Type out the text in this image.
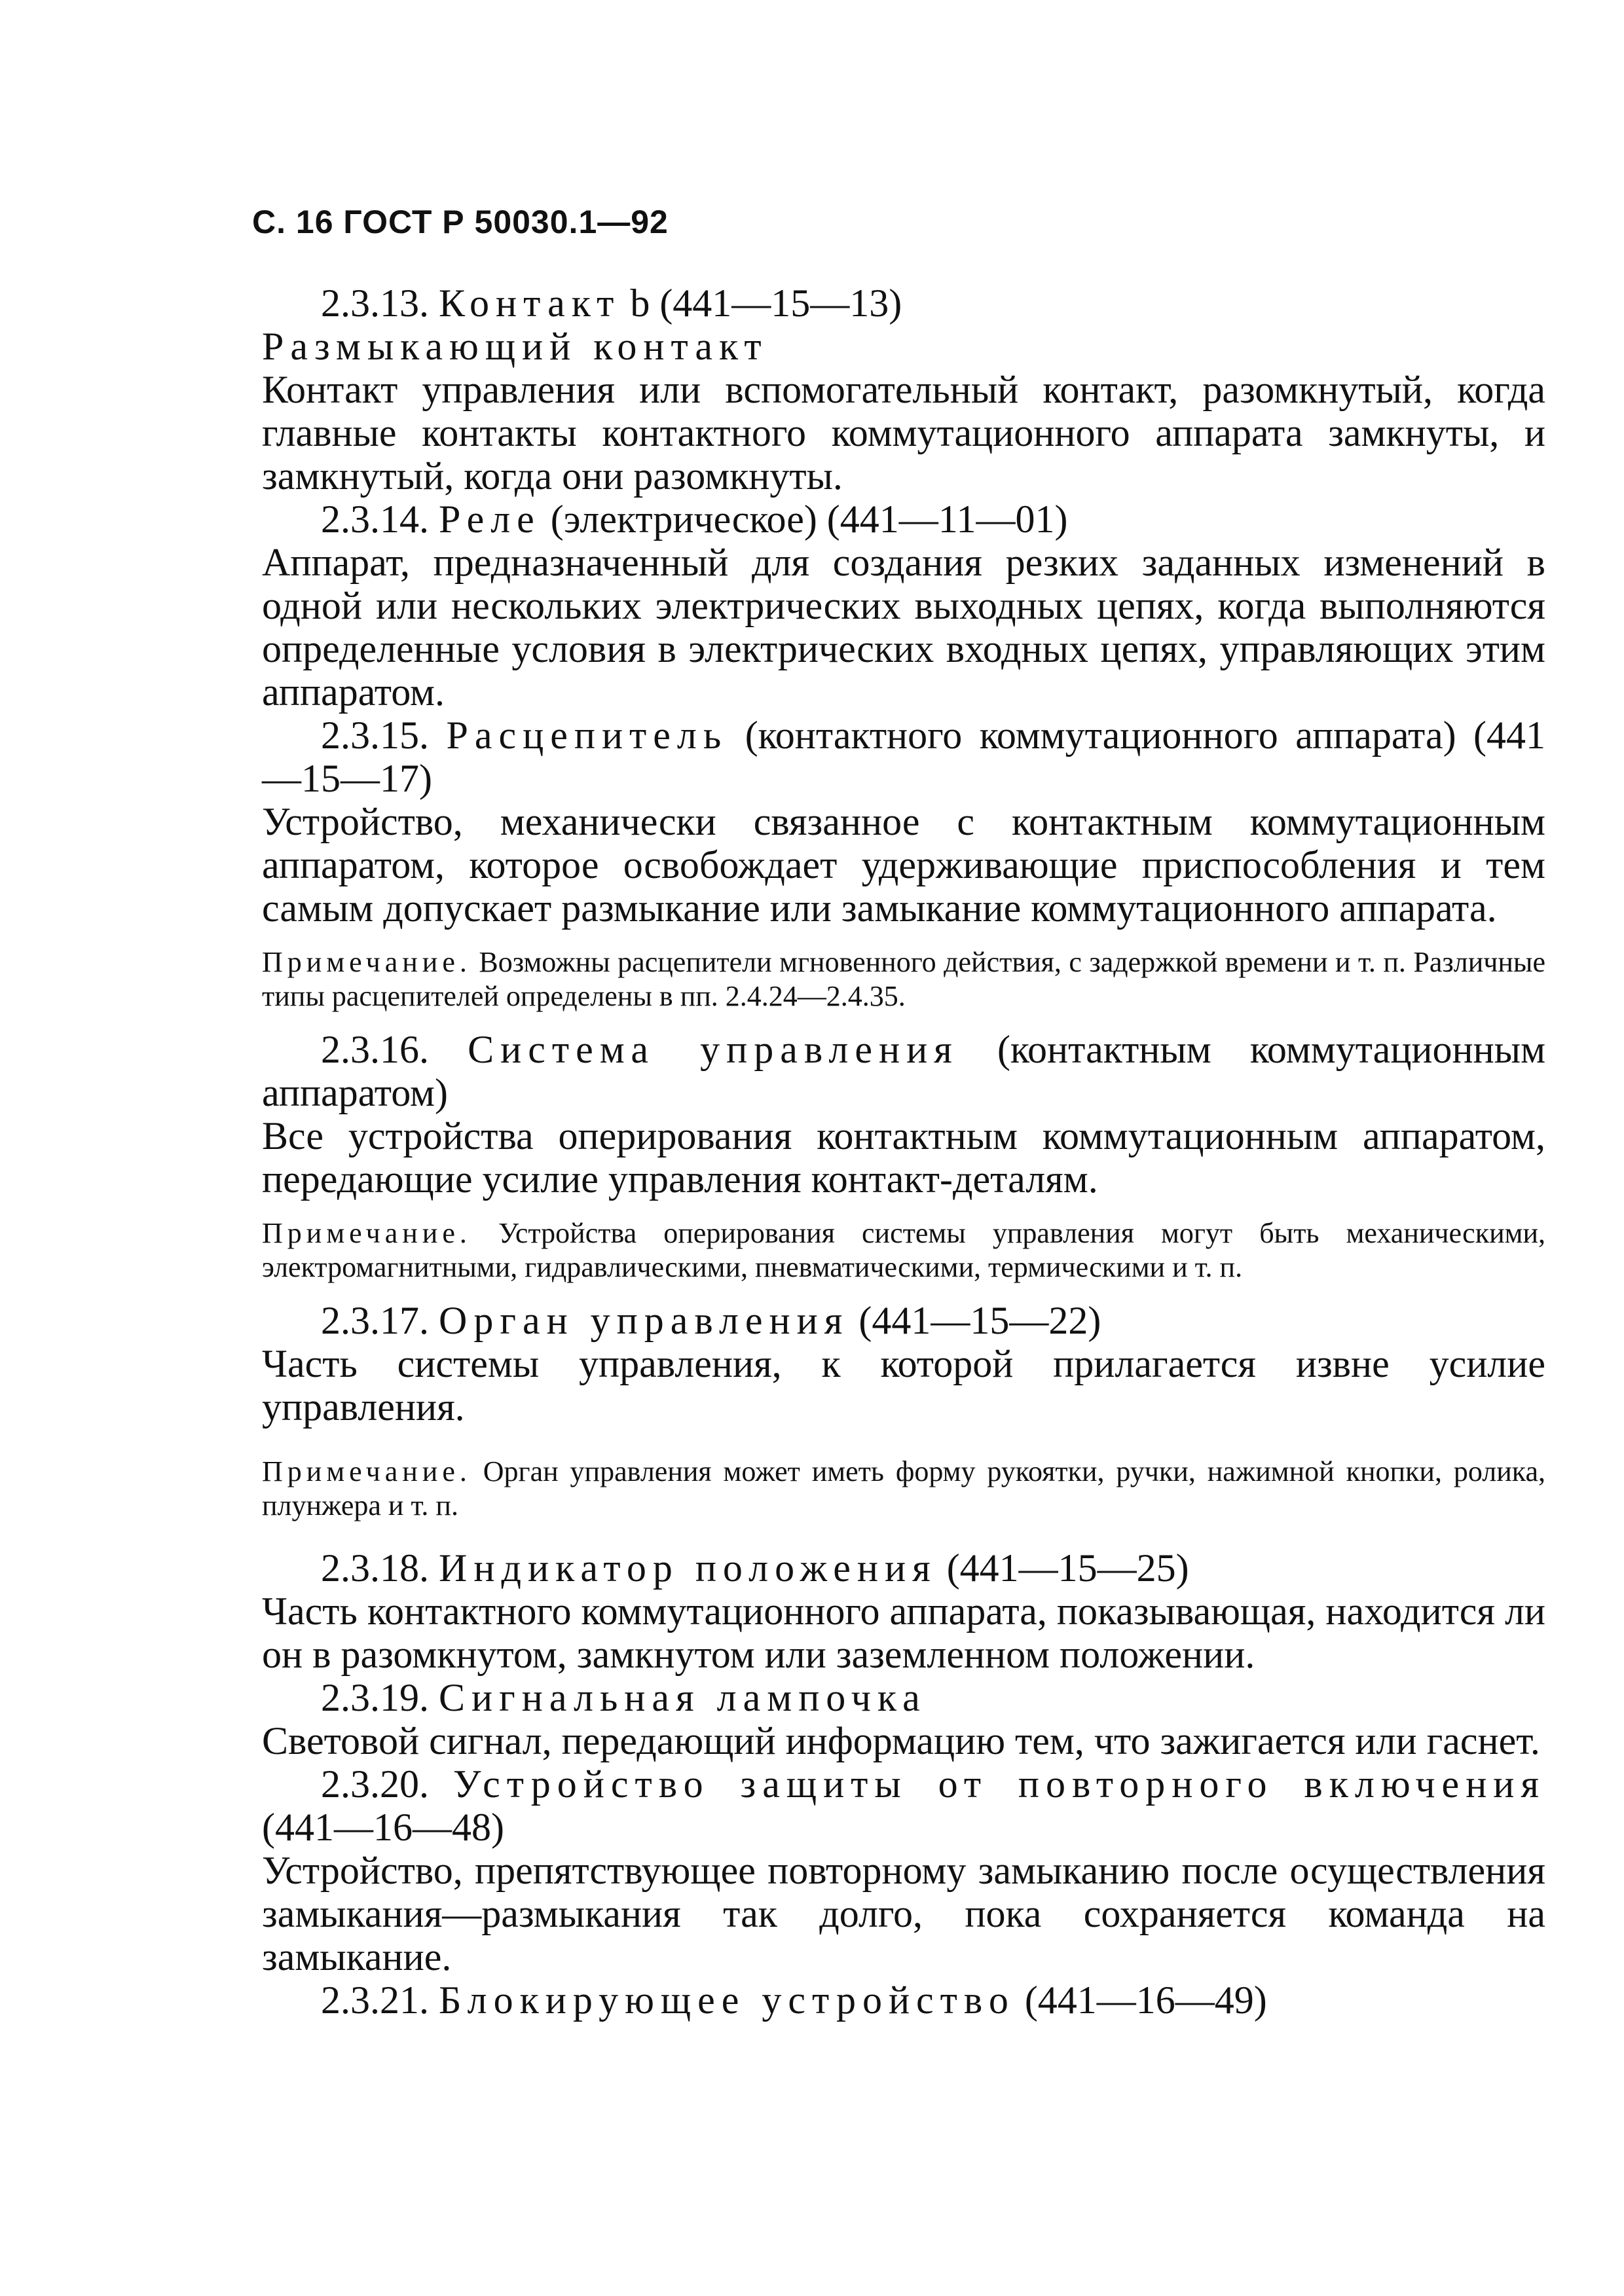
С. 16 ГОСТ Р 50030.1—92
2.3.13. Контакт b (441—15—13)
Размыкающий контакт
Контакт управления или вспомогательный контакт, разомкнутый, когда главные контакты контактного коммутационного аппарата замкнуты, и замкнутый, когда они разомкнуты.
2.3.14. Реле (электрическое) (441—11—01)
Аппарат, предназначенный для создания резких заданных изменений в одной или нескольких электрических выходных цепях, когда выполняются определенные условия в электрических входных цепях, управляющих этим аппаратом.
2.3.15. Расцепитель (контактного коммутационного аппарата) (441—15—17)
Устройство, механически связанное с контактным коммутационным аппаратом, которое освобождает удерживающие приспособления и тем самым допускает размыкание или замыкание коммутационного аппарата.
Примечание. Возможны расцепители мгновенного действия, с задержкой времени и т. п. Различные типы расцепителей определены в пп. 2.4.24—2.4.35.
2.3.16. Система управления (контактным коммутационным аппаратом)
Все устройства оперирования контактным коммутационным аппаратом, передающие усилие управления контакт-деталям.
Примечание. Устройства оперирования системы управления могут быть механическими, электромагнитными, гидравлическими, пневматическими, термическими и т. п.
2.3.17. Орган управления (441—15—22)
Часть системы управления, к которой прилагается извне усилие управления.
Примечание. Орган управления может иметь форму рукоятки, ручки, нажимной кнопки, ролика, плунжера и т. п.
2.3.18. Индикатор положения (441—15—25)
Часть контактного коммутационного аппарата, показывающая, находится ли он в разомкнутом, замкнутом или заземленном положении.
2.3.19. Сигнальная лампочка
Световой сигнал, передающий информацию тем, что зажигается или гаснет.
2.3.20. Устройство защиты от повторного включения (441—16—48)
Устройство, препятствующее повторному замыканию после осуществления замыкания—размыкания так долго, пока сохраняется команда на замыкание.
2.3.21. Блокирующее устройство (441—16—49)
